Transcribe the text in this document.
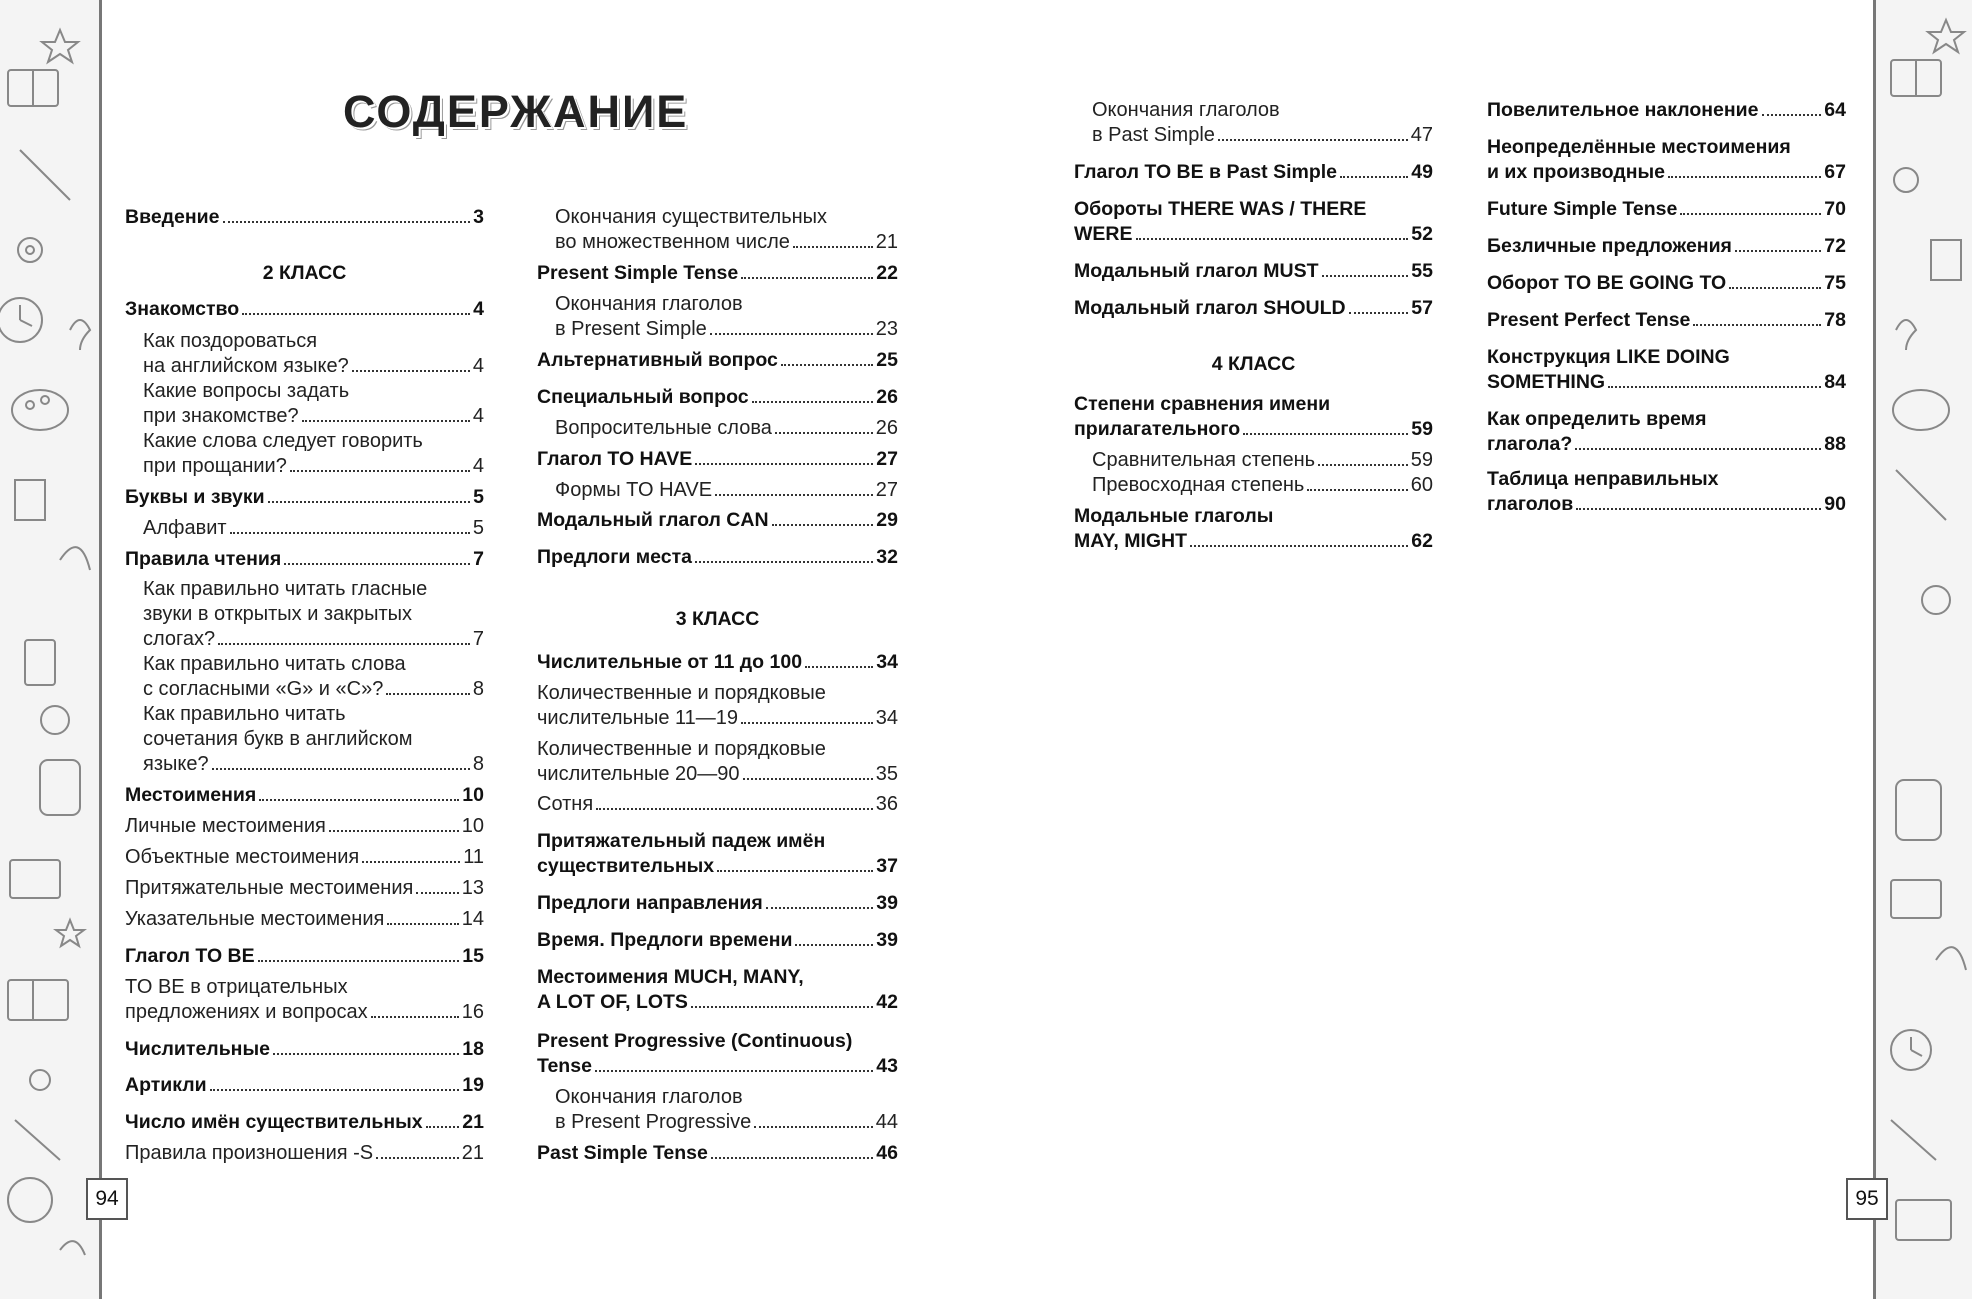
94	95
СОДЕРЖАНИЕ
Введение	3
2 КЛАСС
Знакомство	4
Как поздороваться
на английском языке?	4
Какие вопросы задать
при знакомстве?	4
Какие слова следует говорить
при прощании?	4
Буквы и звуки	5
Алфавит	5
Правила чтения	7
Как правильно читать гласные
звуки в открытых и закрытых
слогах?	7
Как правильно читать слова
с согласными «G» и «C»?	8
Как правильно читать
сочетания букв в английском
языке?	8
Местоимения	10
Личные местоимения	10
Объектные местоимения	11
Притяжательные местоимения 13
Указательные местоимения	14
Глагол TO BE	15
TO BE в отрицательных
предложениях и вопросах	16
Числительные	18
Артикли	19
Число имён существительных 21
Правила произношения -S	21
Окончания существительных
во множественном числе	21
Present Simple Tense	22
Окончания глаголов
в Present Simple	23
Альтернативный вопрос	25
Специальный вопрос	26
Вопросительные слова	26
Глагол TO HAVE	27
Формы TO HAVE	27
Модальный глагол CAN	29
Предлоги места	32
3 КЛАСС
Числительные от 11 до 100	34
Количественные и порядковые
числительные 11—19	34
Количественные и порядковые
числительные 20—90	35
Сотня	36
Притяжательный падеж имён
существительных	37
Предлоги направления	39
Время. Предлоги времени	39
Местоимения MUCH, MANY,
A LOT OF, LOTS	42
Present Progressive (Continuous)
Tense	43
Окончания глаголов
в Present Progressive	44
Past Simple Tense	46
Окончания глаголов
в Past Simple	47
Глагол TO BE в Past Simple	49
Обороты THERE WAS / THERE
WERE	52
Модальный глагол MUST	55
Модальный глагол SHOULD	57
4 КЛАСС
Степени сравнения имени
прилагательного	59
Сравнительная степень	59
Превосходная степень	60
Модальные глаголы
MAY, MIGHT	62
Повелительное наклонение	64
Неопределённые местоимения
и их производные	67
Future Simple Tense	70
Безличные предложения	72
Оборот TO BE GOING TO	75
Present Perfect Tense	78
Конструкция LIKE DOING
SOMETHING	84
Как определить время
глагола?	88
Таблица неправильных
глаголов	90
